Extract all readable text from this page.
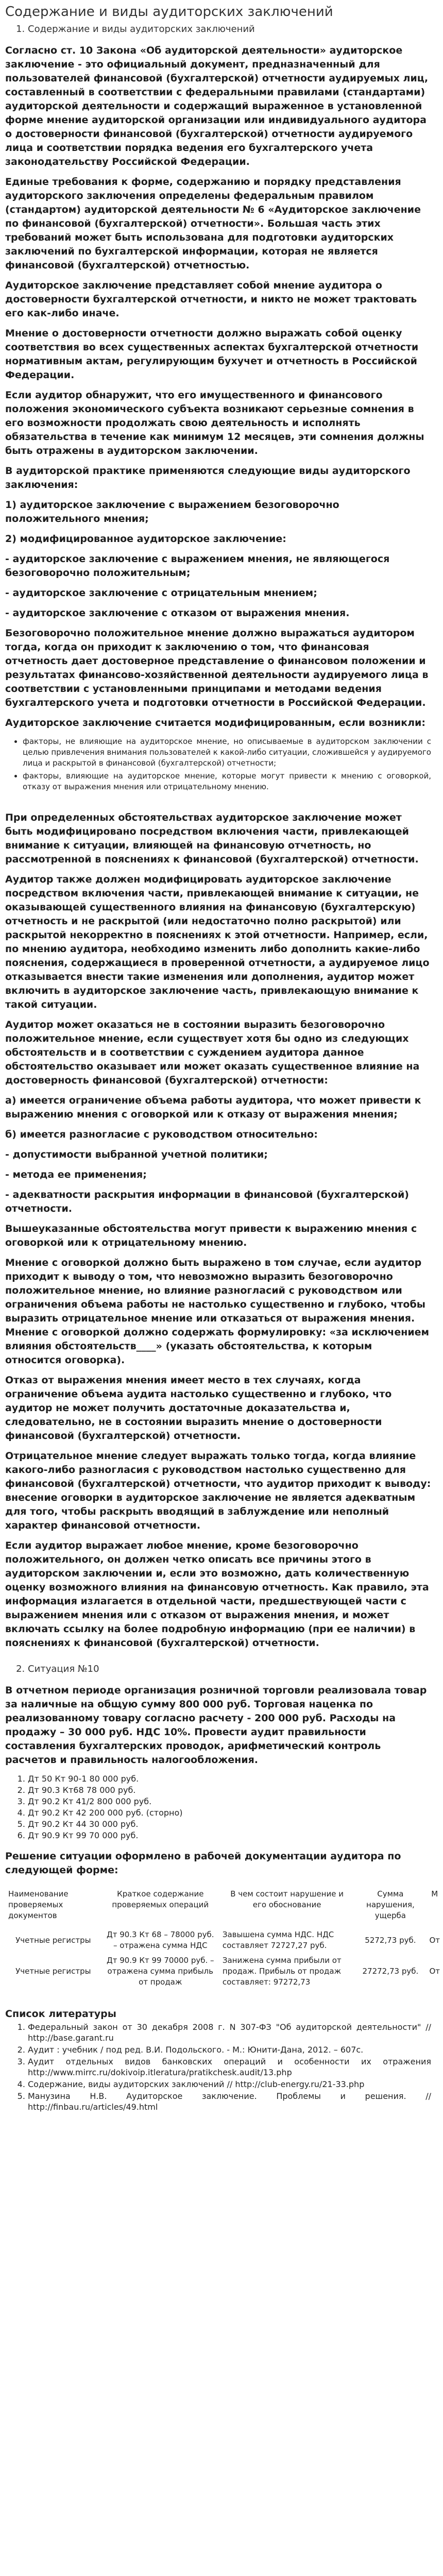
Содержание и виды аудиторских заключений
1. Содержание и виды аудиторских заключений

Согласно ст. 10 Закона «Об аудиторской деятельности» аудиторское заключение - это официальный документ, предназначенный для пользователей финансовой (бухгалтерской) отчетности аудируемых лиц, составленный в соответствии с федеральными правилами (стандартами) аудиторской деятельности и содержащий выраженное в установленной форме мнение аудиторской организации или индивидуального аудитора о достоверности финансовой (бухгалтерской) отчетности аудируемого лица и соответствии порядка ведения его бухгалтерского учета законодательству Российской Федерации.

Единые требования к форме, содержанию и порядку представления аудиторского заключения определены федеральным правилом (стандартом) аудиторской деятельности № 6 «Аудиторское заключение по финансовой (бухгалтерской) отчетности». Большая часть этих требований может быть использована для подготовки аудиторских заключений по бухгалтерской информации, которая не является финансовой (бухгалтерской) отчетностью.

Аудиторское заключение представляет собой мнение аудитора о достоверности бухгалтерской отчетности, и никто не может трактовать его как-либо иначе.

Мнение о достоверности отчетности должно выражать собой оценку соответствия во всех существенных аспектах бухгалтерской отчетности нормативным актам, регулирующим бухучет и отчетность в Российской Федерации.

Если аудитор обнаружит, что его имущественного и финансового положения экономического субъекта возникают серьезные сомнения в его возможности продолжать свою деятельность и исполнять обязательства в течение как минимум 12 месяцев, эти сомнения должны быть отражены в аудиторском заключении.

В аудиторской практике применяются следующие виды аудиторского заключения:

1) аудиторское заключение с выражением безоговорочно положительного мнения;

2) модифицированное аудиторское заключение:

- аудиторское заключение с выражением мнения, не являющегося безоговорочно положительным;

- аудиторское заключение с отрицательным мнением;

- аудиторское заключение с отказом от выражения мнения.

Безоговорочно положительное мнение должно выражаться аудитором тогда, когда он приходит к заключению о том, что финансовая отчетность дает достоверное представление о финансовом положении и результатах финансово-хозяйственной деятельности аудируемого лица в соответствии с установленными принципами и методами ведения бухгалтерского учета и подготовки отчетности в Российской Федерации.

Аудиторское заключение считается модифицированным, если возникли:

• факторы, не влияющие на аудиторское мнение, но описываемые в аудиторском заключении с целью привлечения внимания пользователей к какой-либо ситуации, сложившейся у аудируемого лица и раскрытой в финансовой (бухгалтерской) отчетности;
• факторы, влияющие на аудиторское мнение, которые могут привести к мнению с оговоркой, отказу от выражения мнения или отрицательному мнению.

При определенных обстоятельствах аудиторское заключение может быть модифицировано посредством включения части, привлекающей внимание к ситуации, влияющей на финансовую отчетность, но рассмотренной в пояснениях к финансовой (бухгалтерской) отчетности.

Аудитор также должен модифицировать аудиторское заключение посредством включения части, привлекающей внимание к ситуации, не оказывающей существенного влияния на финансовую (бухгалтерскую) отчетность и не раскрытой (или недостаточно полно раскрытой) или раскрытой некорректно в пояснениях к этой отчетности. Например, если, по мнению аудитора, необходимо изменить либо дополнить какие-либо пояснения, содержащиеся в проверенной отчетности, а аудируемое лицо отказывается внести такие изменения или дополнения, аудитор может включить в аудиторское заключение часть, привлекающую внимание к такой ситуации.

Аудитор может оказаться не в состоянии выразить безоговорочно положительное мнение, если существует хотя бы одно из следующих обстоятельств и в соответствии с суждением аудитора данное обстоятельство оказывает или может оказать существенное влияние на достоверность финансовой (бухгалтерской) отчетности:

а) имеется ограничение объема работы аудитора, что может привести к выражению мнения с оговоркой или к отказу от выражения мнения;

б) имеется разногласие с руководством относительно:

- допустимости выбранной учетной политики;

- метода ее применения;

- адекватности раскрытия информации в финансовой (бухгалтерской) отчетности.

Вышеуказанные обстоятельства могут привести к выражению мнения с оговоркой или к отрицательному мнению.

Мнение с оговоркой должно быть выражено в том случае, если аудитор приходит к выводу о том, что невозможно выразить безоговорочно положительное мнение, но влияние разногласий с руководством или ограничения объема работы не настолько существенно и глубоко, чтобы выразить отрицательное мнение или отказаться от выражения мнения. Мнение с оговоркой должно содержать формулировку: «за исключением влияния обстоятельств____» (указать обстоятельства, к которым относится оговорка).

Отказ от выражения мнения имеет место в тех случаях, когда ограничение объема аудита настолько существенно и глубоко, что аудитор не может получить достаточные доказательства и, следовательно, не в состоянии выразить мнение о достоверности финансовой (бухгалтерской) отчетности.

Отрицательное мнение следует выражать только тогда, когда влияние какого-либо разногласия с руководством настолько существенно для финансовой (бухгалтерской) отчетности, что аудитор приходит к выводу: внесение оговорки в аудиторское заключение не является адекватным для того, чтобы раскрыть вводящий в заблуждение или неполный характер финансовой отчетности.

Если аудитор выражает любое мнение, кроме безоговорочно положительного, он должен четко описать все причины этого в аудиторском заключении и, если это возможно, дать количественную оценку возможного влияния на финансовую отчетность. Как правило, эта информация излагается в отдельной части, предшествующей части с выражением мнения или с отказом от выражения мнения, и может включать ссылку на более подробную информацию (при ее наличии) в пояснениях к финансовой (бухгалтерской) отчетности.

2. Ситуация №10

В отчетном периоде организация розничной торговли реализовала товар за наличные на общую сумму 800 000 руб. Торговая наценка по реализованному товару согласно расчету - 200 000 руб. Расходы на продажу – 30 000 руб. НДС 10%. Провести аудит правильности составления бухгалтерских проводок, арифметический контроль расчетов и правильность налогообложения.

1. Дт 50 Кт 90-1 80 000 руб.
2. Дт 90.3 Кт68 78 000 руб.
3. Дт 90.2 Кт 41/2 800 000 руб.
4. Дт 90.2 Кт 42 200 000 руб. (сторно)
5. Дт 90.2 Кт 44 30 000 руб.
6. Дт 90.9 Кт 99 70 000 руб.

Решение ситуации оформлено в рабочей документации аудитора по следующей форме:

Наименование проверяемых документов	Краткое содержание проверяемых операций	В чем состоит нарушение и его обоснование	Сумма нарушения, ущерба	М
Учетные регистры	Дт 90.3 Кт 68 – 78000 руб. – отражена сумма НДС	Завышена сумма НДС. НДС составляет 72727,27 руб.	5272,73 руб.	От
Учетные регистры	Дт 90.9 Кт 99 70000 руб. – отражена сумма прибыль от продаж	Занижена сумма прибыли от продаж. Прибыль от продаж составляет: 97272,73	27272,73 руб.	От
Список литературы
1. Федеральный закон от 30 декабря 2008 г. N 307-ФЗ "Об аудиторской деятельности" // http://base.garant.ru
2. Аудит : учебник / под ред. В.И. Подольского. - М.: Юнити-Дана, 2012. – 607с.
3. Аудит отдельных видов банковских операций и особенности их отражения http://www.mirrc.ru/dokivoip.itleratura/pratikchesk.audit/13.php
4. Содержание, виды аудиторских заключений // http://club-energy.ru/21-33.php
5. Манузина Н.В. Аудиторское заключение. Проблемы и решения. // http://finbau.ru/articles/49.html
